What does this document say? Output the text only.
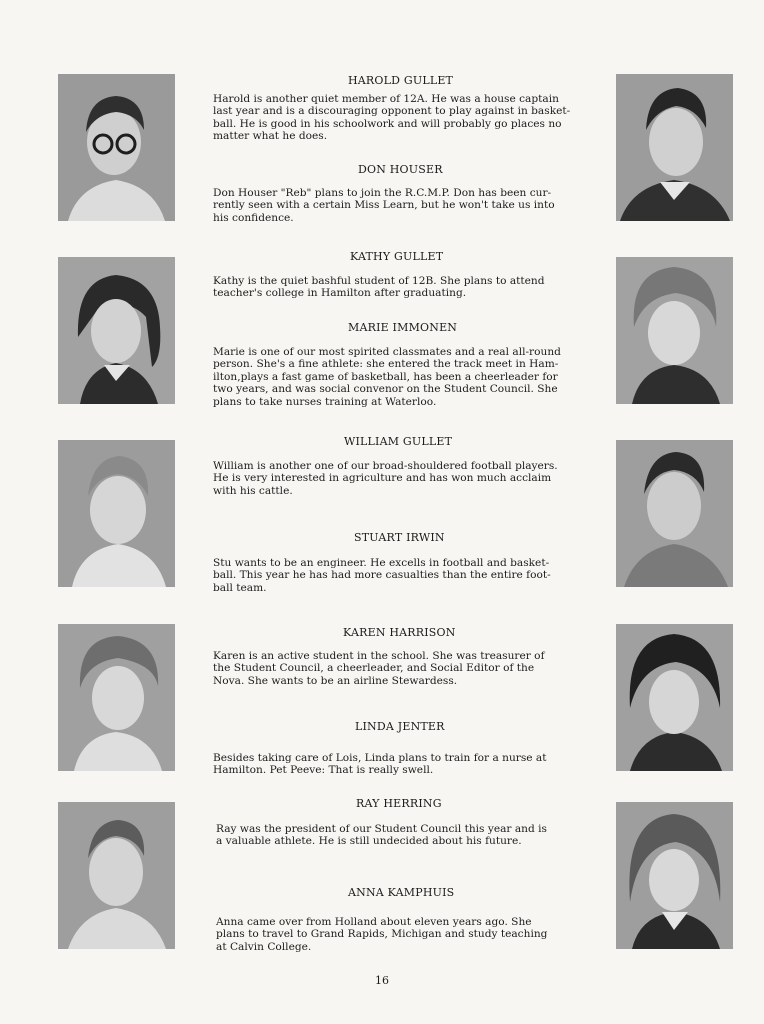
HAROLD GULLET

Harold is another quiet member of 12A. He was a house captain
last year and is a discouraging opponent to play against in basket-
ball. He is good in his schoolwork and will probably go places no
matter what he does.

DON HOUSER

Don Houser "Reb" plans to join the R.C.M.P. Don has been cur-
rently seen with a certain Miss Learn, but he won't take us into
his confidence.

KATHY GULLET

Kathy is the quiet bashful student of 12B. She plans to attend
teacher's college in Hamilton after graduating.

MARIE IMMONEN

Marie is one of our most spirited classmates and a real all-round
person. She's a fine athlete: she entered the track meet in Ham-
ilton,plays a fast game of basketball, has been a cheerleader for
two years, and was social convenor on the Student Council. She
plans to take nurses training at Waterloo.

WILLIAM GULLET

William is another one of our broad-shouldered football players.
He is very interested in agriculture and has won much acclaim
with his cattle.

STUART IRWIN

Stu wants to be an engineer. He excells in football and basket-
ball. This year he has had more casualties than the entire foot-
ball team.

KAREN HARRISON

Karen is an active student in the school. She was treasurer of
the Student Council, a cheerleader, and Social Editor of the
Nova. She wants to be an airline Stewardess.

LINDA JENTER

Besides taking care of Lois, Linda plans to train for a nurse at
Hamilton. Pet Peeve: That is really swell.

RAY HERRING

Ray was the president of our Student Council this year and is
a valuable athlete. He is still undecided about his future.

ANNA KAMPHUIS

Anna came over from Holland about eleven years ago. She
plans to travel to Grand Rapids, Michigan and study teaching
at Calvin College.

16
